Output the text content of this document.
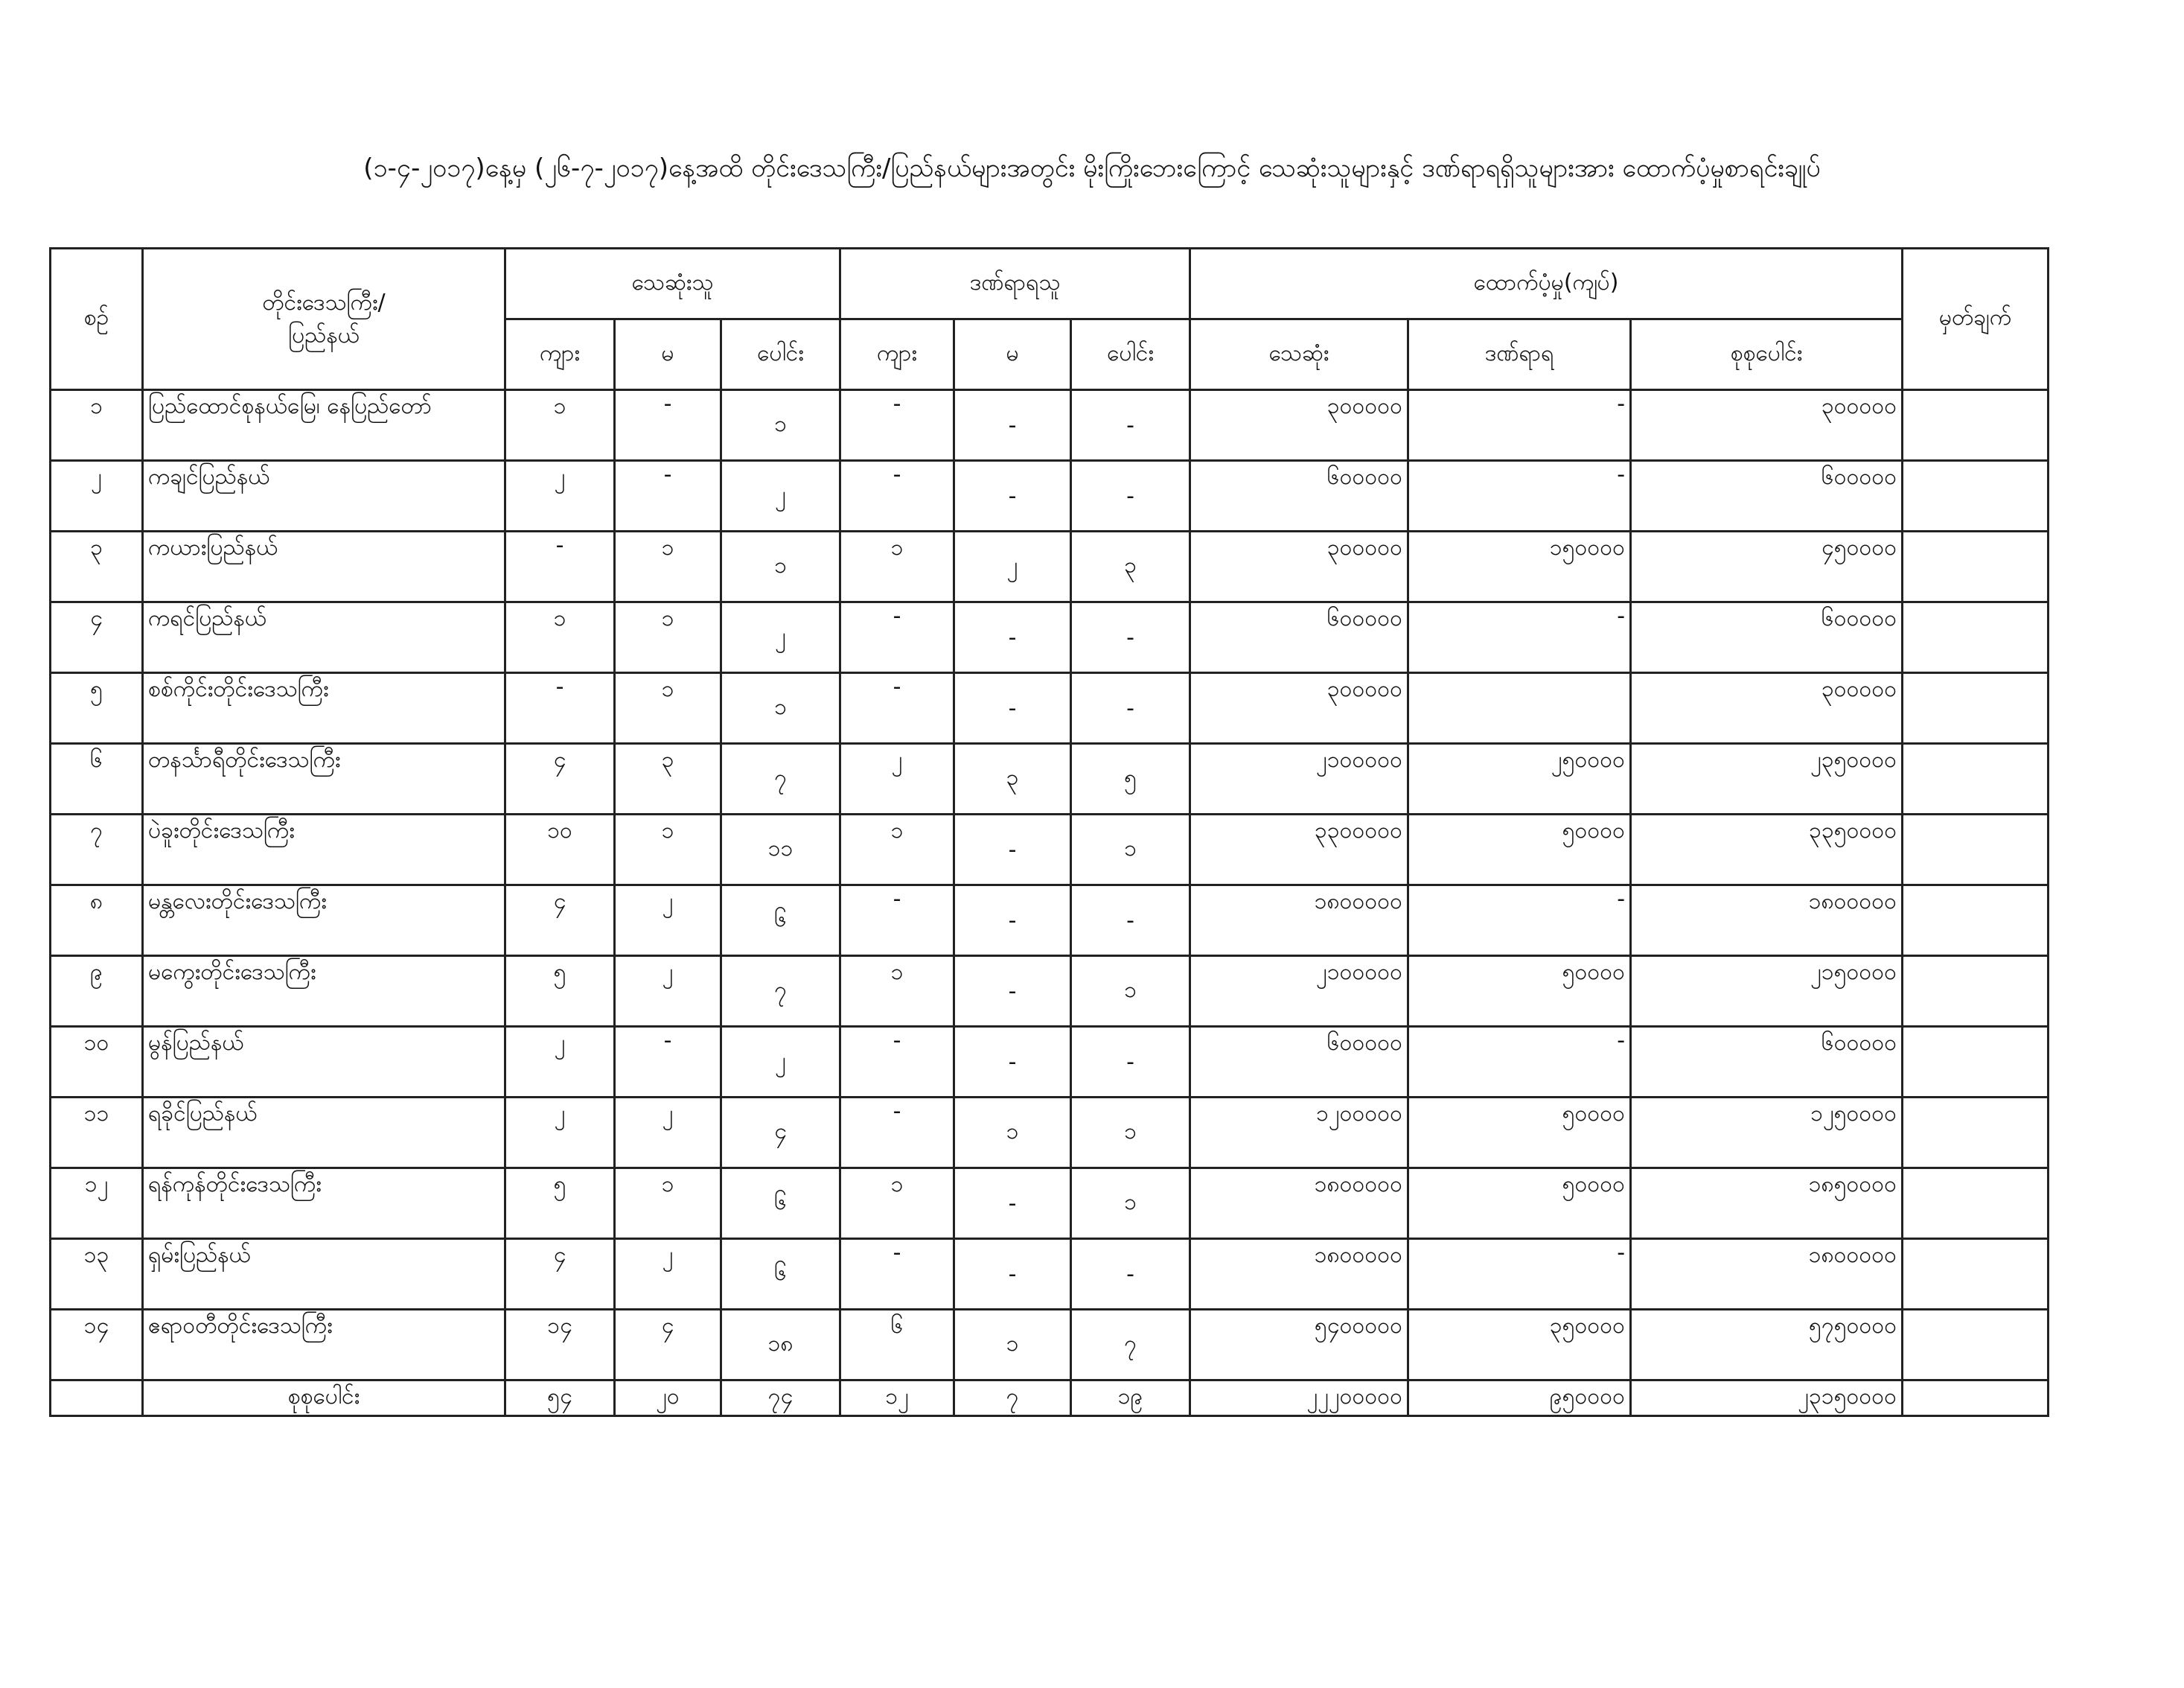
(၁-၄-၂၀၁၇)နေ့မှ (၂၆-၇-၂၀၁၇)နေ့အထိ တိုင်းဒေသကြီး/ပြည်နယ်များအတွင်း မိုးကြိုးဘေးကြောင့် သေဆုံးသူများနှင့် ဒဏ်ရာရရှိသူများအား ထောက်ပံ့မှုစာရင်းချုပ်
စဉ်	တိုင်းဒေသကြီး/
ပြည်နယ်	သေဆုံးသူ			ဒဏ်ရာရသူ			ထောက်ပံ့မှု(ကျပ်)			မှတ်ချက်
		ကျား	မ	ပေါင်း	ကျား	မ	ပေါင်း	သေဆုံး	ဒဏ်ရာရ	စုစုပေါင်း	
၁	ပြည်ထောင်စုနယ်မြေ၊ နေပြည်တော်	၁	-	၁	-	-	-	၃၀၀၀၀၀	-	၃၀၀၀၀၀	
၂	ကချင်ပြည်နယ်	၂	-	၂	-	-	-	၆၀၀၀၀၀	-	၆၀၀၀၀၀	
၃	ကယားပြည်နယ်	-	၁	၁	၁	၂	၃	၃၀၀၀၀၀	၁၅၀၀၀၀	၄၅၀၀၀၀	
၄	ကရင်ပြည်နယ်	၁	၁	၂	-	-	-	၆၀၀၀၀၀	-	၆၀၀၀၀၀	
၅	စစ်ကိုင်းတိုင်းဒေသကြီး	-	၁	၁	-	-	-	၃၀၀၀၀၀		၃၀၀၀၀၀	
၆	တနင်္သာရီတိုင်းဒေသကြီး	၄	၃	၇	၂	၃	၅	၂၁၀၀၀၀၀	၂၅၀၀၀၀	၂၃၅၀၀၀၀	
၇	ပဲခူးတိုင်းဒေသကြီး	၁၀	၁	၁၁	၁	-	၁	၃၃၀၀၀၀၀	၅၀၀၀၀	၃၃၅၀၀၀၀	
၈	မန္တလေးတိုင်းဒေသကြီး	၄	၂	၆	-	-	-	၁၈၀၀၀၀၀	-	၁၈၀၀၀၀၀	
၉	မကွေးတိုင်းဒေသကြီး	၅	၂	၇	၁	-	၁	၂၁၀၀၀၀၀	၅၀၀၀၀	၂၁၅၀၀၀၀	
၁၀	မွန်ပြည်နယ်	၂	-	၂	-	-	-	၆၀၀၀၀၀	-	၆၀၀၀၀၀	
၁၁	ရခိုင်ပြည်နယ်	၂	၂	၄	-	၁	၁	၁၂၀၀၀၀၀	၅၀၀၀၀	၁၂၅၀၀၀၀	
၁၂	ရန်ကုန်တိုင်းဒေသကြီး	၅	၁	၆	၁	-	၁	၁၈၀၀၀၀၀	၅၀၀၀၀	၁၈၅၀၀၀၀	
၁၃	ရှမ်းပြည်နယ်	၄	၂	၆	-	-	-	၁၈၀၀၀၀၀	-	၁၈၀၀၀၀၀	
၁၄	ဧရာဝတီတိုင်းဒေသကြီး	၁၄	၄	၁၈	၆	၁	၇	၅၄၀၀၀၀၀	၃၅၀၀၀၀	၅၇၅၀၀၀၀	
	စုစုပေါင်း	၅၄	၂၀	၇၄	၁၂	၇	၁၉	၂၂၂၀၀၀၀၀	၉၅၀၀၀၀	၂၃၁၅၀၀၀၀	
